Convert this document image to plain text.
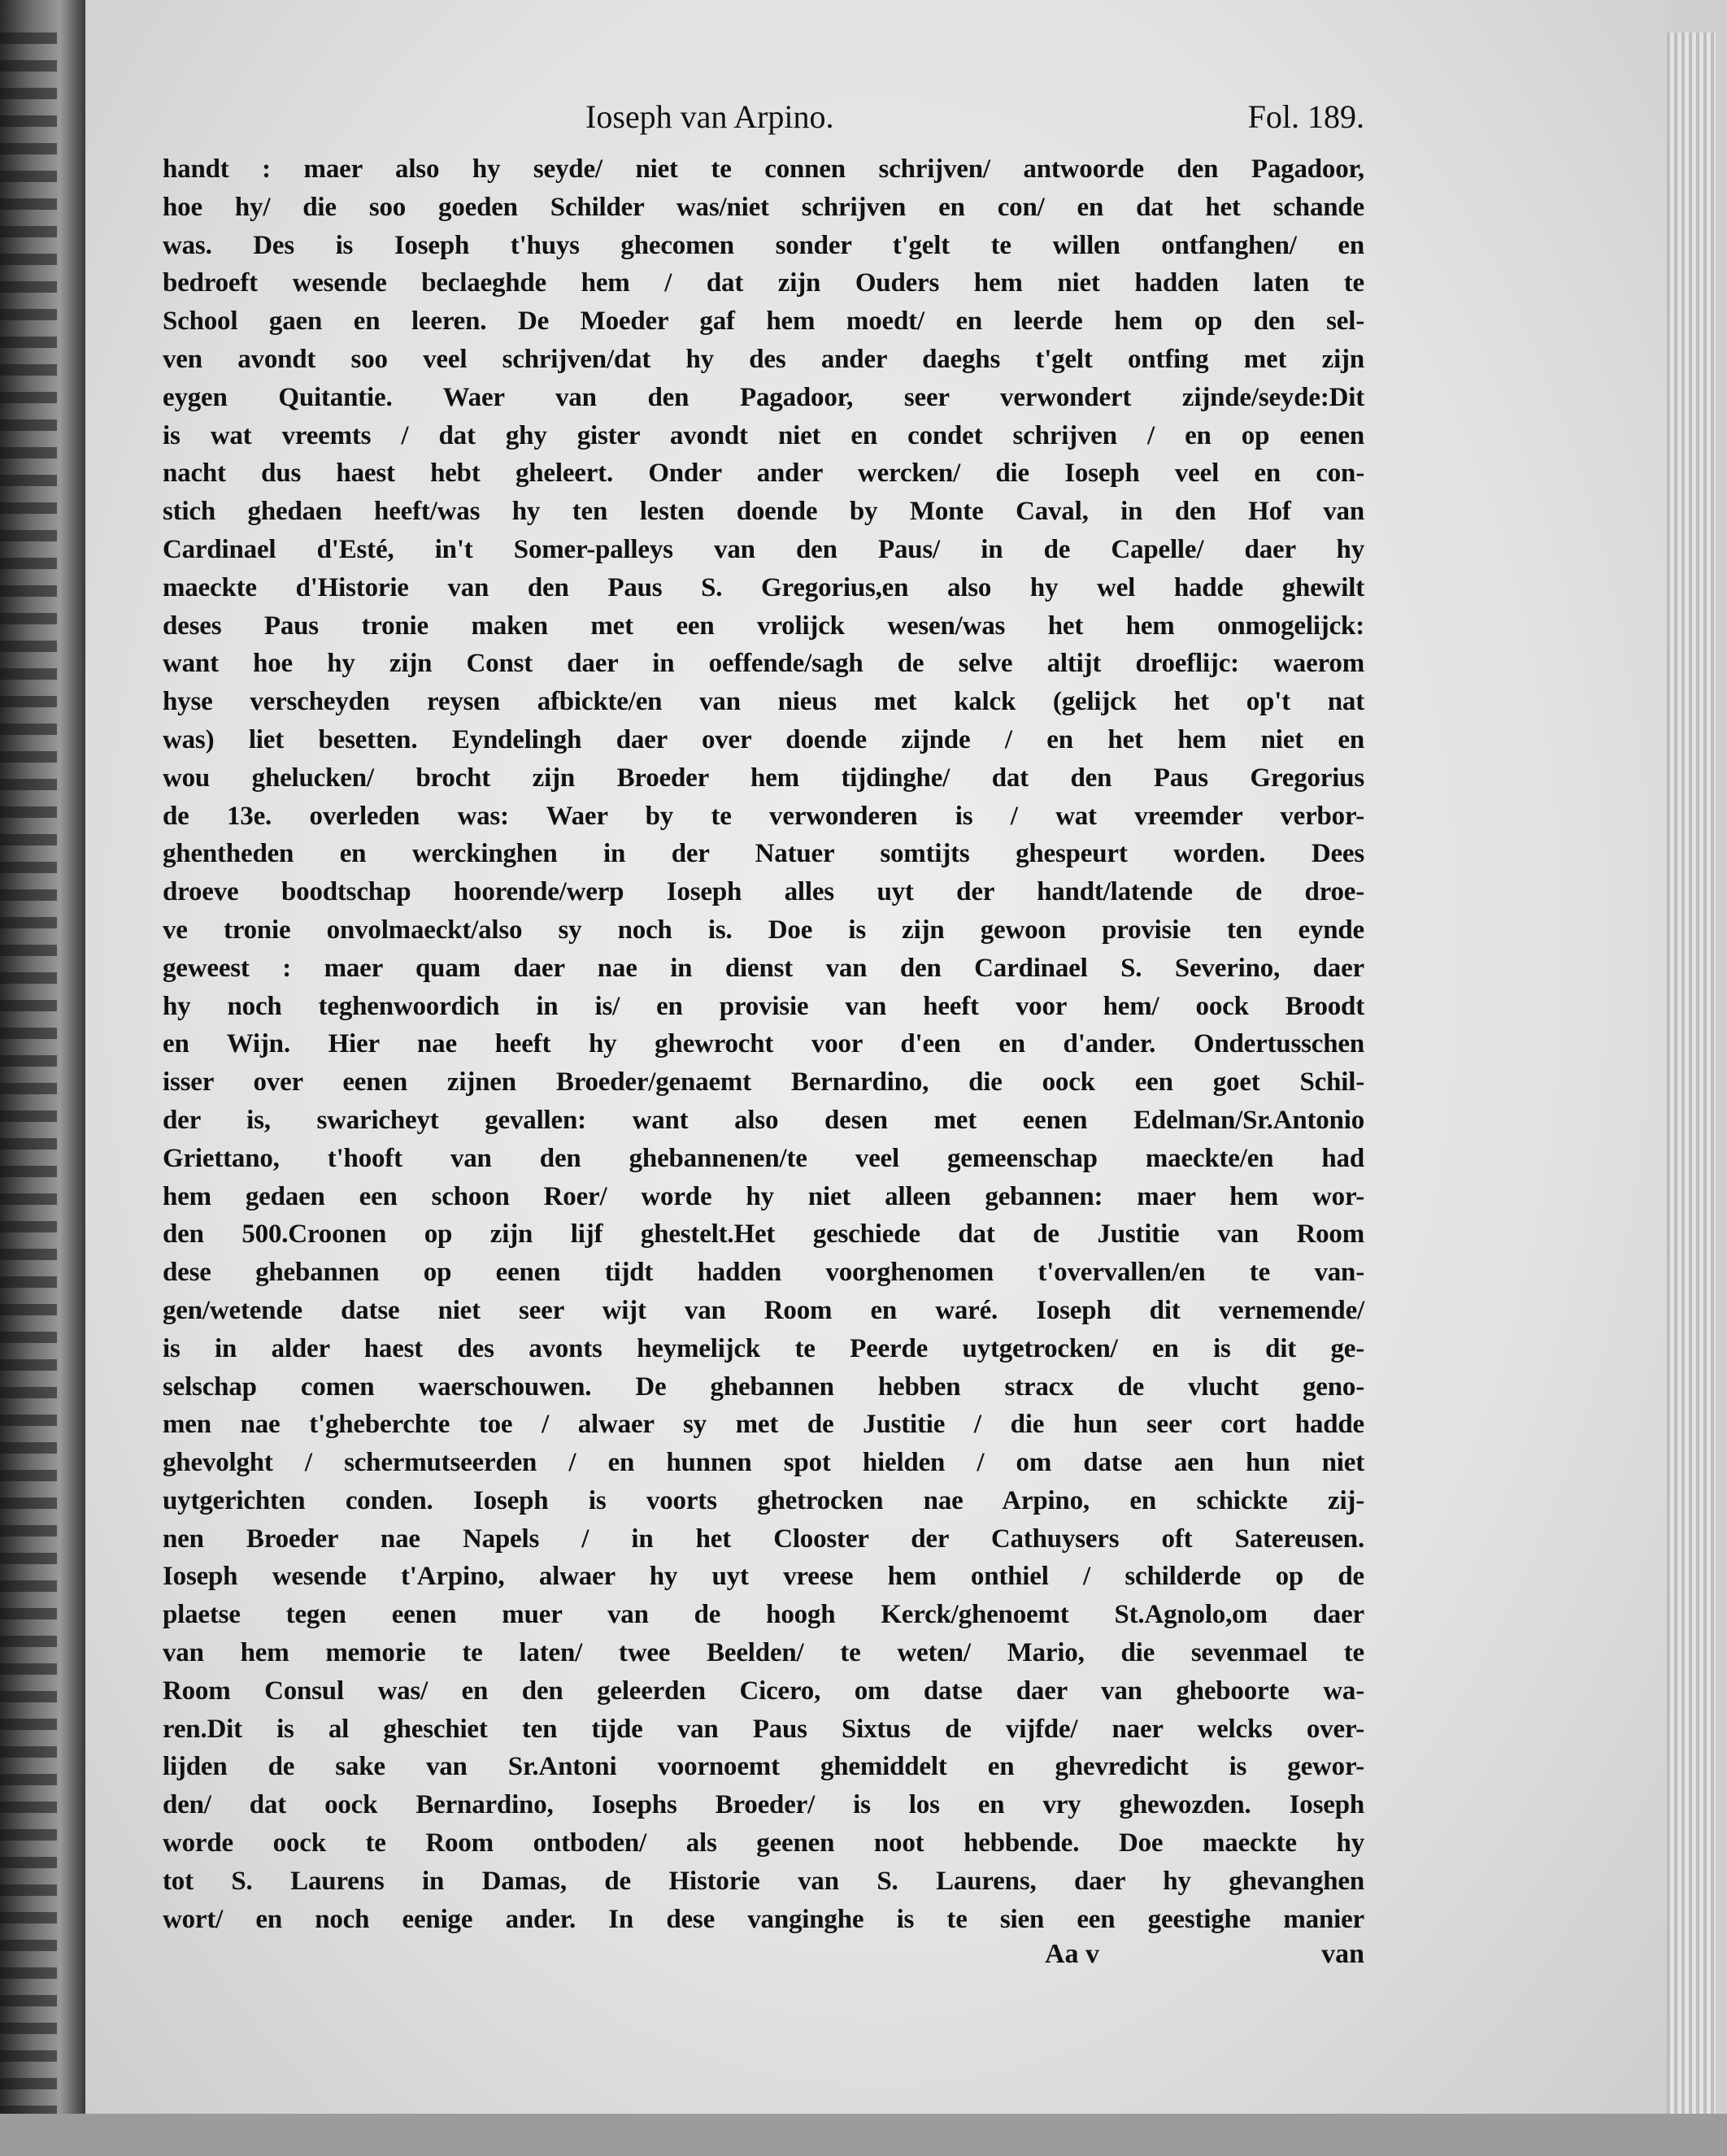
Ioseph van Arpino.	Fol. 189.
handt : maer also hy seyde/ niet te connen schrijven/ antwoorde den Pagadoor,
hoe hy/ die soo goeden Schilder was/niet schrijven en con/ en dat het schande
was. Des is Ioseph t'huys ghecomen sonder t'gelt te willen ontfanghen/ en
bedroeft wesende beclaeghde hem / dat zijn Ouders hem niet hadden laten te
School gaen en leeren. De Moeder gaf hem moedt/ en leerde hem op den sel-
ven avondt soo veel schrijven/dat hy des ander daeghs t'gelt ontfing met zijn
eygen Quitantie. Waer van den Pagadoor, seer verwondert zijnde/seyde:Dit
is wat vreemts / dat ghy gister avondt niet en condet schrijven / en op eenen
nacht dus haest hebt gheleert. Onder ander wercken/ die Ioseph veel en con-
stich ghedaen heeft/was hy ten lesten doende by Monte Caval, in den Hof van
Cardinael d'Esté, in't Somer-palleys van den Paus/ in de Capelle/ daer hy
maeckte d'Historie van den Paus S. Gregorius,en also hy wel hadde ghewilt
deses Paus tronie maken met een vrolijck wesen/was het hem onmogelijck:
want hoe hy zijn Const daer in oeffende/sagh de selve altijt droeflijc: waerom
hyse verscheyden reysen afbickte/en van nieus met kalck (gelijck het op't nat
was) liet besetten. Eyndelingh daer over doende zijnde / en het hem niet en
wou ghelucken/ brocht zijn Broeder hem tijdinghe/ dat den Paus Gregorius
de 13e. overleden was: Waer by te verwonderen is / wat vreemder verbor-
ghentheden en werckinghen in der Natuer somtijts ghespeurt worden. Dees
droeve boodtschap hoorende/werp Ioseph alles uyt der handt/latende de droe-
ve tronie onvolmaeckt/also sy noch is. Doe is zijn gewoon provisie ten eynde
geweest : maer quam daer nae in dienst van den Cardinael S. Severino, daer
hy noch teghenwoordich in is/ en provisie van heeft voor hem/ oock Broodt
en Wijn. Hier nae heeft hy ghewrocht voor d'een en d'ander. Ondertusschen
isser over eenen zijnen Broeder/genaemt Bernardino, die oock een goet Schil-
der is, swaricheyt gevallen: want also desen met eenen Edelman/Sr.Antonio
Griettano, t'hooft van den ghebannenen/te veel gemeenschap maeckte/en had
hem gedaen een schoon Roer/ worde hy niet alleen gebannen: maer hem wor-
den 500.Croonen op zijn lijf ghestelt.Het geschiede dat de Justitie van Room
dese ghebannen op eenen tijdt hadden voorghenomen t'overvallen/en te van-
gen/wetende datse niet seer wijt van Room en waré. Ioseph dit vernemende/
is in alder haest des avonts heymelijck te Peerde uytgetrocken/ en is dit ge-
selschap comen waerschouwen. De ghebannen hebben stracx de vlucht geno-
men nae t'gheberchte toe / alwaer sy met de Justitie / die hun seer cort hadde
ghevolght / schermutseerden / en hunnen spot hielden / om datse aen hun niet
uytgerichten conden. Ioseph is voorts ghetrocken nae Arpino, en schickte zij-
nen Broeder nae Napels / in het Clooster der Cathuysers oft Satereusen.
Ioseph wesende t'Arpino, alwaer hy uyt vreese hem onthiel / schilderde op de
plaetse tegen eenen muer van de hoogh Kerck/ghenoemt St.Agnolo,om daer
van hem memorie te laten/ twee Beelden/ te weten/ Mario, die sevenmael te
Room Consul was/ en den geleerden Cicero, om datse daer van gheboorte wa-
ren.Dit is al gheschiet ten tijde van Paus Sixtus de vijfde/ naer welcks over-
lijden de sake van Sr.Antoni voornoemt ghemiddelt en ghevredicht is gewor-
den/ dat oock Bernardino, Iosephs Broeder/ is los en vry ghewozden. Ioseph
worde oock te Room ontboden/ als geenen noot hebbende. Doe maeckte hy
tot S. Laurens in Damas, de Historie van S. Laurens, daer hy ghevanghen
wort/ en noch eenige ander. In dese vanginghe is te sien een geestighe manier
Aa v	van
